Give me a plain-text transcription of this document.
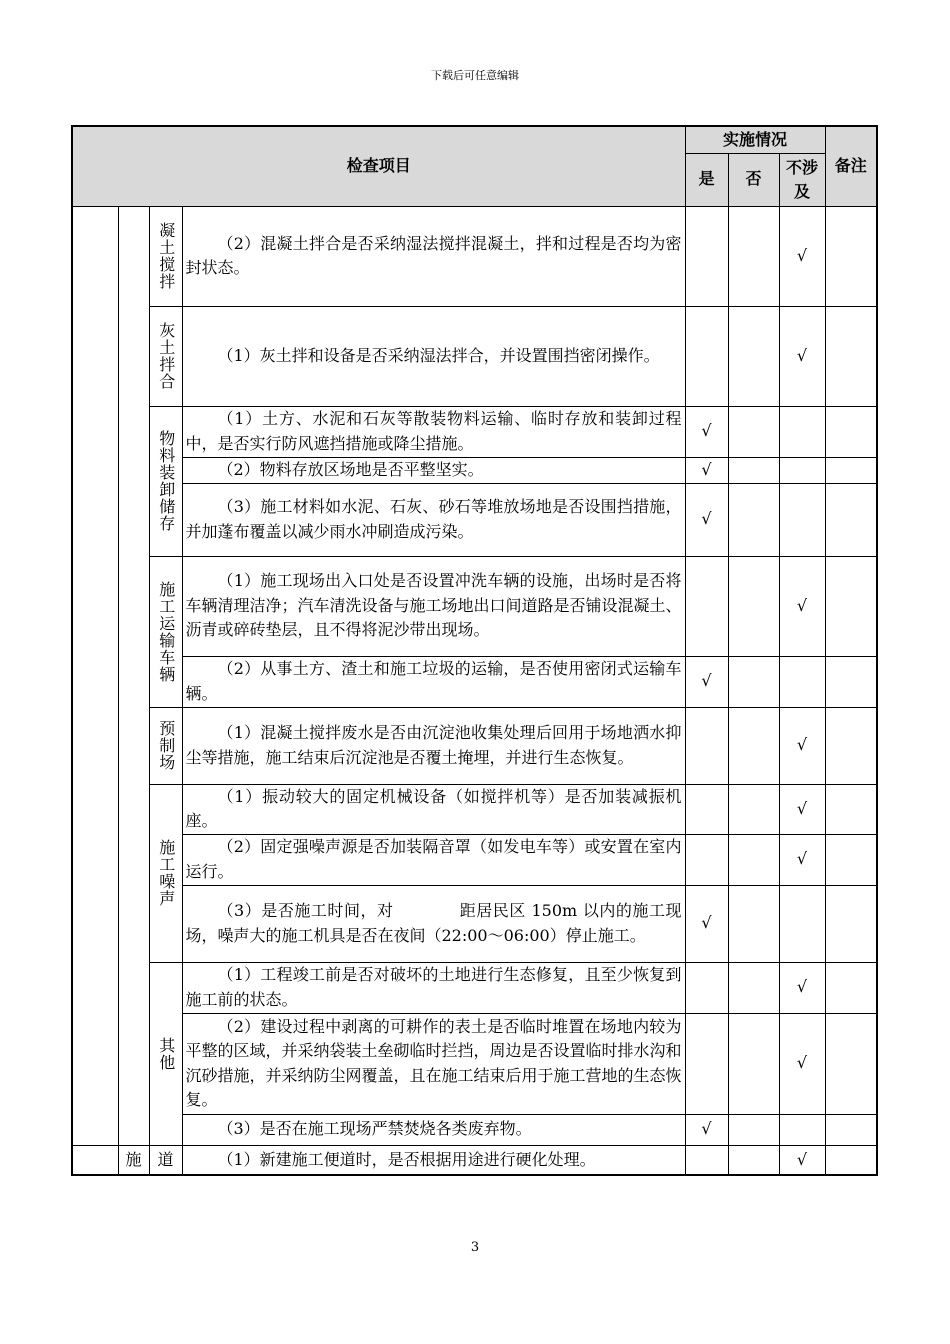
下载后可任意编辑
检查项目				实施情况			备注
				是	否	不涉及	
		凝土搅拌	（2）混凝土拌合是否采纳湿法搅拌混凝土，拌和过程是否均为密封状态。			√	
		灰土拌合	（1）灰土拌和设备是否采纳湿法拌合，并设置围挡密闭操作。			√	
		物料装卸储存	（1）土方、水泥和石灰等散装物料运输、临时存放和装卸过程中，是否实行防风遮挡措施或降尘措施。	√			

			（2）物料存放区场地是否平整坚实。	√			

			（3）施工材料如水泥、石灰、砂石等堆放场地是否设围挡措施，并加蓬布覆盖以减少雨水冲刷造成污染。	√			
		施工运输车辆	（1）施工现场出入口处是否设置冲洗车辆的设施，出场时是否将车辆清理洁净；汽车清洗设备与施工场地出口间道路是否铺设混凝土、沥青或碎砖垫层，且不得将泥沙带出现场。			√	

			（2）从事土方、渣土和施工垃圾的运输，是否使用密闭式运输车辆。	√			
		预制场	（1）混凝土搅拌废水是否由沉淀池收集处理后回用于场地洒水抑尘等措施，施工结束后沉淀池是否覆土掩埋，并进行生态恢复。			√	
		施工噪声	（1）振动较大的固定机械设备（如搅拌机等）是否加装减振机座。			√	

			（2）固定强噪声源是否加装隔音罩（如发电车等）或安置在室内运行。			√	

			（3）是否施工时间，对　　　　距居民区 150m 以内的施工现场，噪声大的施工机具是否在夜间（22:00～06:00）停止施工。	√			
		其他	（1）工程竣工前是否对破坏的土地进行生态修复，且至少恢复到施工前的状态。			√	

			（2）建设过程中剥离的可耕作的表土是否临时堆置在场地内较为平整的区域，并采纳袋装土垒砌临时拦挡，周边是否设置临时排水沟和沉砂措施，并采纳防尘网覆盖，且在施工结束后用于施工营地的生态恢复。			√	

			（3）是否在施工现场严禁焚烧各类废弃物。	√			
	施	道	（1）新建施工便道时，是否根据用途进行硬化处理。			√	
3
